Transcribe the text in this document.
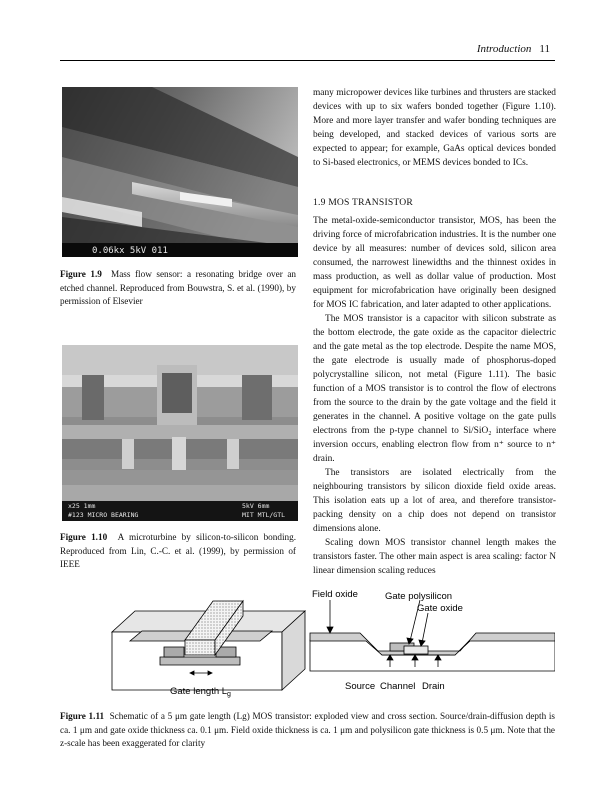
Introduction 11
0.06kx 5kV 011
Figure 1.9 Mass flow sensor: a resonating bridge over an etched channel. Reproduced from Bouwstra, S. et al. (1990), by permission of Elsevier
x25 1mm
#123 MICRO BEARING
5kV 6mm
MIT MTL/GTL
Figure 1.10 A microturbine by silicon-to-silicon bonding. Reproduced from Lin, C.-C. et al. (1999), by permission of IEEE

many micropower devices like turbines and thrusters are stacked devices with up to six wafers bonded together (Figure 1.10). More and more layer transfer and wafer bonding techniques are being developed, and stacked devices of various sorts are expected to appear; for example, GaAs optical devices bonded to Si-based electronics, or MEMS devices bonded to ICs.

1.9 MOS TRANSISTOR

The metal-oxide-semiconductor transistor, MOS, has been the driving force of microfabrication industries. It is the number one device by all measures: number of devices sold, silicon area consumed, the narrowest linewidths and the thinnest oxides in mass production, as well as dollar value of production. Most equipment for microfabrication have originally been designed for MOS IC fabrication, and later adapted to other applications.

The MOS transistor is a capacitor with silicon substrate as the bottom electrode, the gate oxide as the capacitor dielectric and the gate metal as the top electrode. Despite the name MOS, the gate electrode is usually made of phosphorus-doped polycrystalline silicon, not metal (Figure 1.11). The basic function of a MOS transistor is to control the flow of electrons from the source to the drain by the gate voltage and the field it generates in the channel. A positive voltage on the gate pulls electrons from the p-type channel to Si/SiO₂ interface where inversion occurs, enabling electron flow from n⁺ source to n⁺ drain.

The transistors are isolated electrically from the neighbouring transistors by silicon dioxide field oxide areas. This isolation eats up a lot of area, and therefore transistor-packing density on a chip does not depend on transistor dimensions alone.

Scaling down MOS transistor channel length makes the transistors faster. The other main aspect is area scaling: factor N linear dimension scaling reduces

Gate length $L_g$
Field oxide	Gate polysilicon
Gate oxide
Source Channel Drain
Figure 1.11 Schematic of a 5 μm gate length (Lg) MOS transistor: exploded view and cross section. Source/drain-diffusion depth is ca. 1 μm and gate oxide thickness ca. 0.1 μm. Field oxide thickness is ca. 1 μm and polysilicon gate thickness is 0.5 μm. Note that the z-scale has been exaggerated for clarity
